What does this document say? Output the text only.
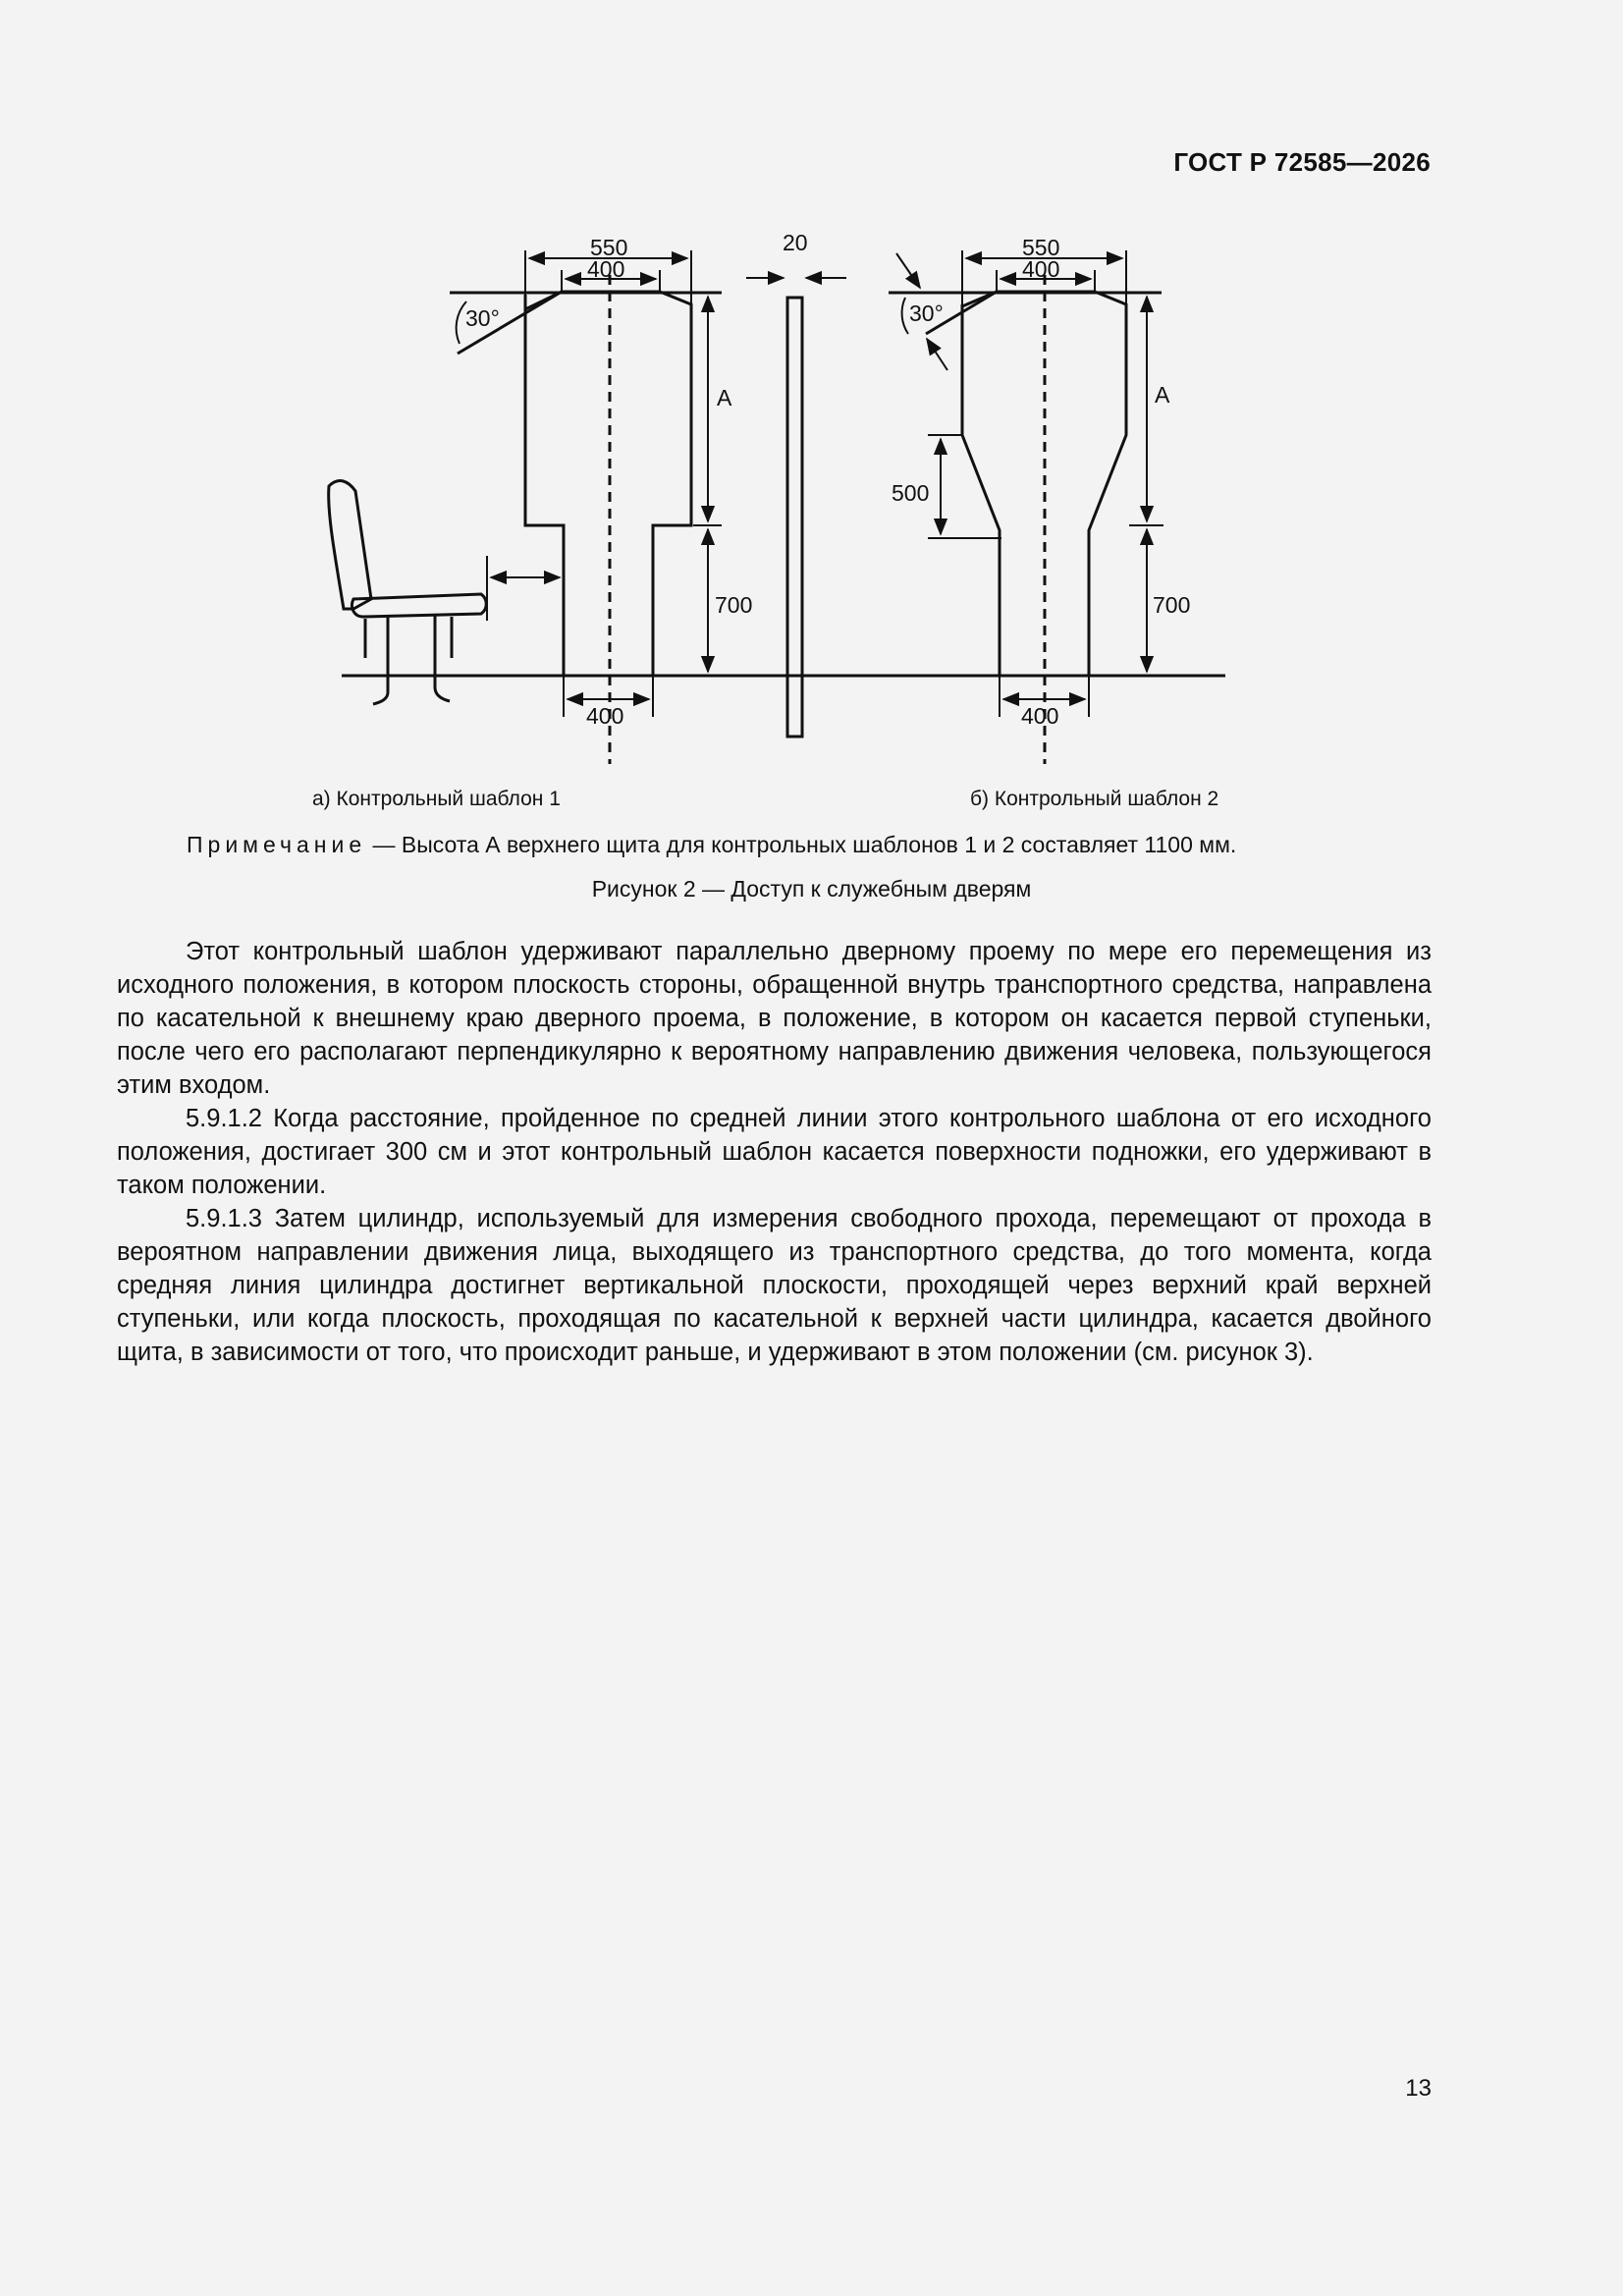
ГОСТ Р 72585—2026
550
400
30°
A
700
400
20	550
400
30°
A
500
700
400
а) Контрольный шаблон 1	б) Контрольный шаблон 2
Примечание — Высота А верхнего щита для контрольных шаблонов 1 и 2 составляет 1100 мм.
Рисунок 2 — Доступ к служебным дверям

Этот контрольный шаблон удерживают параллельно дверному проему по мере его перемещения из исходного положения, в котором плоскость стороны, обращенной внутрь транспортного средства, направлена по касательной к внешнему краю дверного проема, в положение, в котором он касается первой ступеньки, после чего его располагают перпендикулярно к вероятному направлению движения человека, пользующегося этим входом.

5.9.1.2 Когда расстояние, пройденное по средней линии этого контрольного шаблона от его исходного положения, достигает 300 см и этот контрольный шаблон касается поверхности подножки, его удерживают в таком положении.

5.9.1.3 Затем цилиндр, используемый для измерения свободного прохода, перемещают от прохода в вероятном направлении движения лица, выходящего из транспортного средства, до того момента, когда средняя линия цилиндра достигнет вертикальной плоскости, проходящей через верхний край верхней ступеньки, или когда плоскость, проходящая по касательной к верхней части цилиндра, касается двойного щита, в зависимости от того, что происходит раньше, и удерживают в этом положении (см. рисунок 3).

13
